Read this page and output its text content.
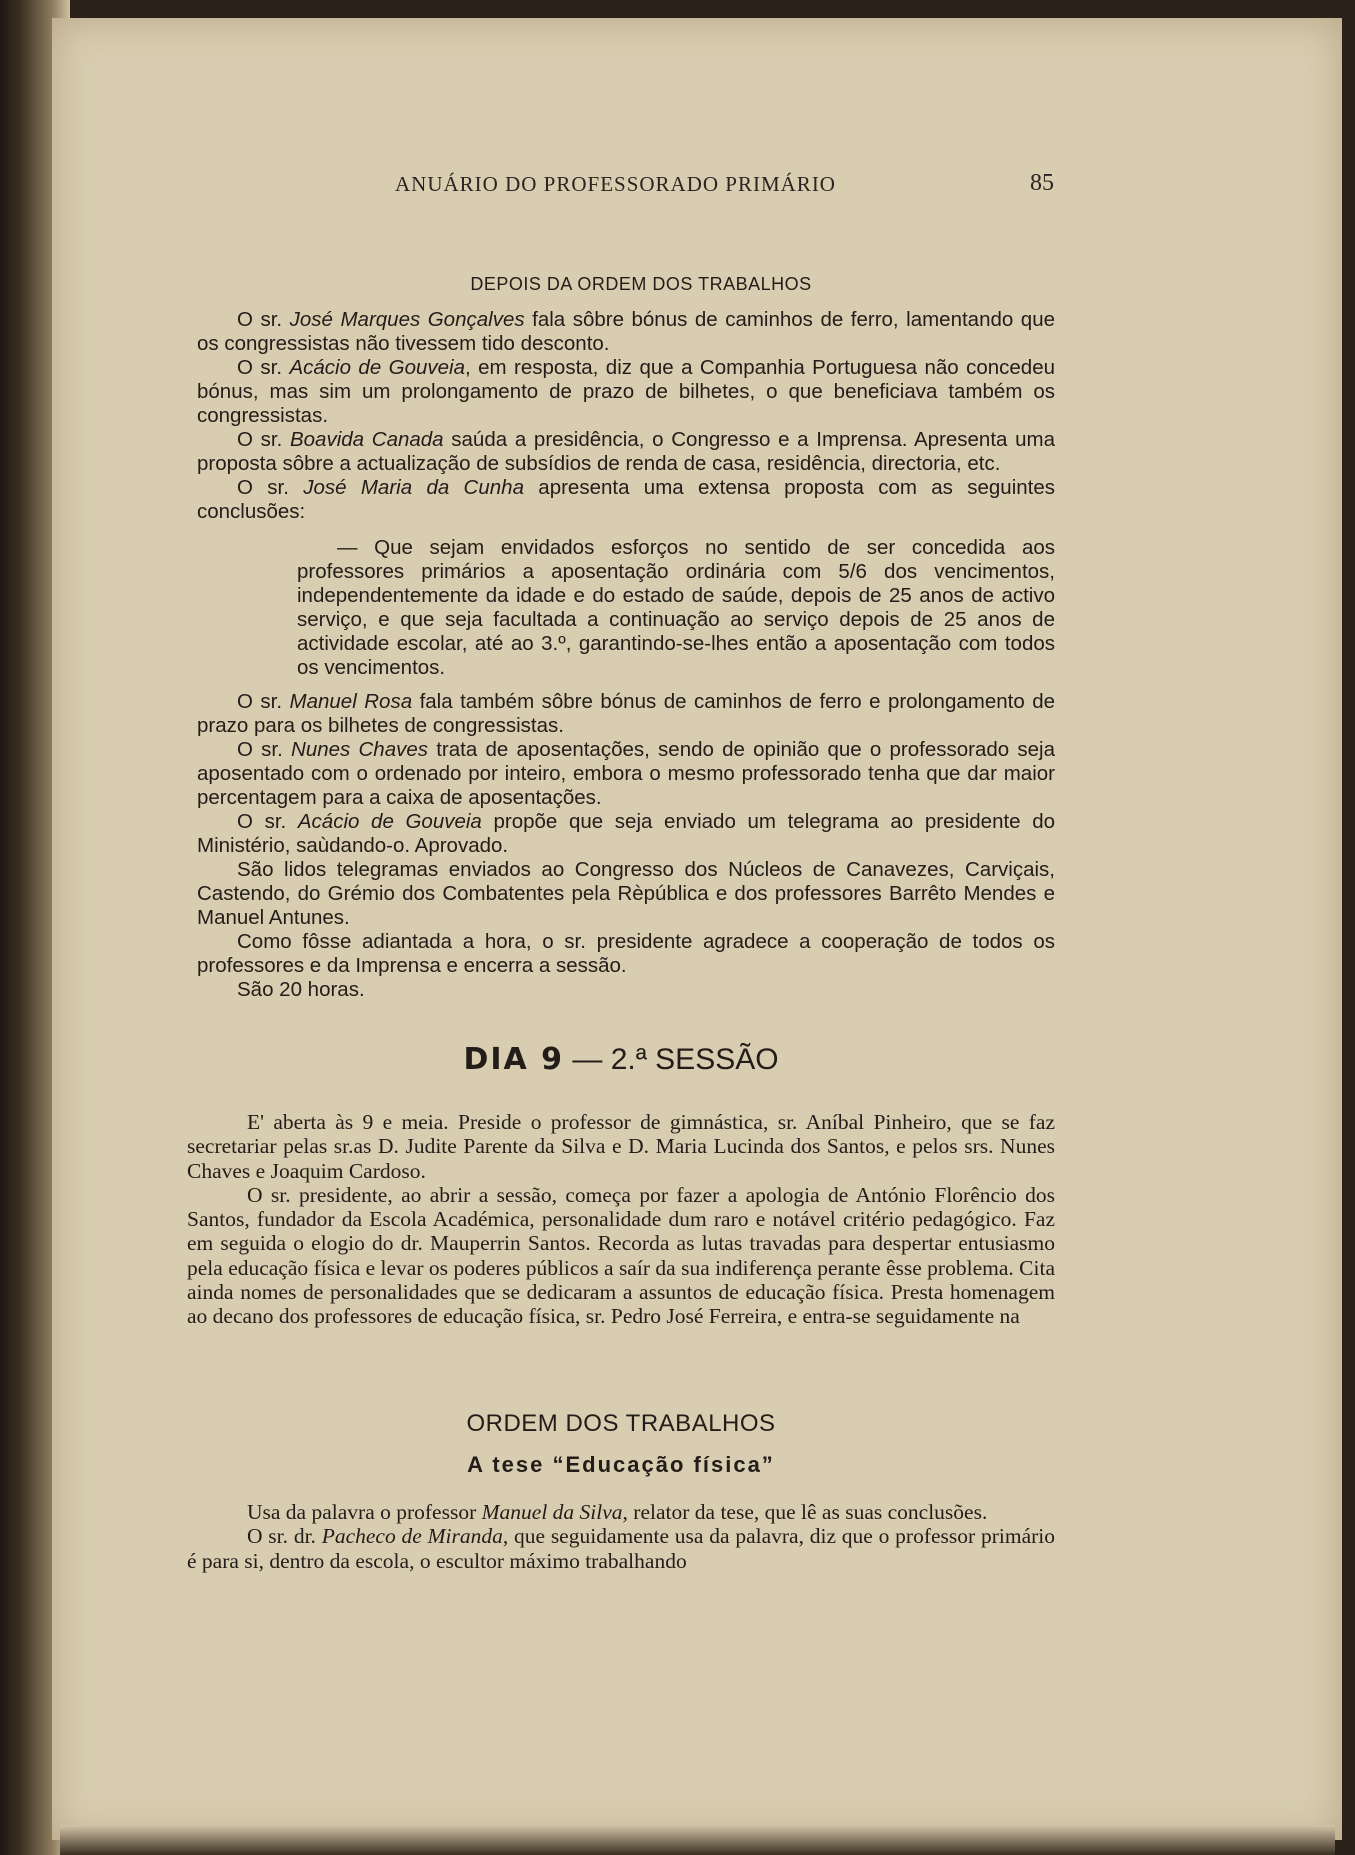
ANUÁRIO DO PROFESSORADO PRIMÁRIO	85
DEPOIS DA ORDEM DOS TRABALHOS

O sr. José Marques Gonçalves fala sôbre bónus de caminhos de ferro, lamentando que os congressistas não tivessem tido desconto.

O sr. Acácio de Gouveia, em resposta, diz que a Companhia Portuguesa não concedeu bónus, mas sim um prolongamento de prazo de bilhetes, o que beneficiava também os congressistas.

O sr. Boavida Canada saúda a presidência, o Congresso e a Imprensa. Apresenta uma proposta sôbre a actualização de subsídios de renda de casa, residência, directoria, etc.

O sr. José Maria da Cunha apresenta uma extensa proposta com as seguintes conclusões:

— Que sejam envidados esforços no sentido de ser concedida aos professores primários a aposentação ordinária com 5/6 dos vencimentos, independentemente da idade e do estado de saúde, depois de 25 anos de activo serviço, e que seja facultada a continuação ao serviço depois de 25 anos de actividade escolar, até ao 3.º, garantindo-se-lhes então a aposentação com todos os vencimentos.

O sr. Manuel Rosa fala também sôbre bónus de caminhos de ferro e prolongamento de prazo para os bilhetes de congressistas.

O sr. Nunes Chaves trata de aposentações, sendo de opinião que o professorado seja aposentado com o ordenado por inteiro, embora o mesmo professorado tenha que dar maior percentagem para a caixa de aposentações.

O sr. Acácio de Gouveia propõe que seja enviado um telegrama ao presidente do Ministério, saùdando-o. Aprovado.

São lidos telegramas enviados ao Congresso dos Núcleos de Canavezes, Carviçais, Castendo, do Grémio dos Combatentes pela Rèpública e dos professores Barrêto Mendes e Manuel Antunes.

Como fôsse adiantada a hora, o sr. presidente agradece a cooperação de todos os professores e da Imprensa e encerra a sessão.

São 20 horas.

DIA 9 — 2.ª SESSÃO

E' aberta às 9 e meia. Preside o professor de gimnástica, sr. Aníbal Pinheiro, que se faz secretariar pelas sr.as D. Judite Parente da Silva e D. Maria Lucinda dos Santos, e pelos srs. Nunes Chaves e Joaquim Cardoso.

O sr. presidente, ao abrir a sessão, começa por fazer a apologia de António Florêncio dos Santos, fundador da Escola Académica, personalidade dum raro e notável critério pedagógico. Faz em seguida o elogio do dr. Mauperrin Santos. Recorda as lutas travadas para despertar entusiasmo pela educação física e levar os poderes públicos a saír da sua indiferença perante êsse problema. Cita ainda nomes de personalidades que se dedicaram a assuntos de educação física. Presta homenagem ao decano dos professores de educação física, sr. Pedro José Ferreira, e entra-se seguidamente na

ORDEM DOS TRABALHOS
A tese “Educação física”

Usa da palavra o professor Manuel da Silva, relator da tese, que lê as suas conclusões.

O sr. dr. Pacheco de Miranda, que seguidamente usa da palavra, diz que o professor primário é para si, dentro da escola, o escultor máximo trabalhando
